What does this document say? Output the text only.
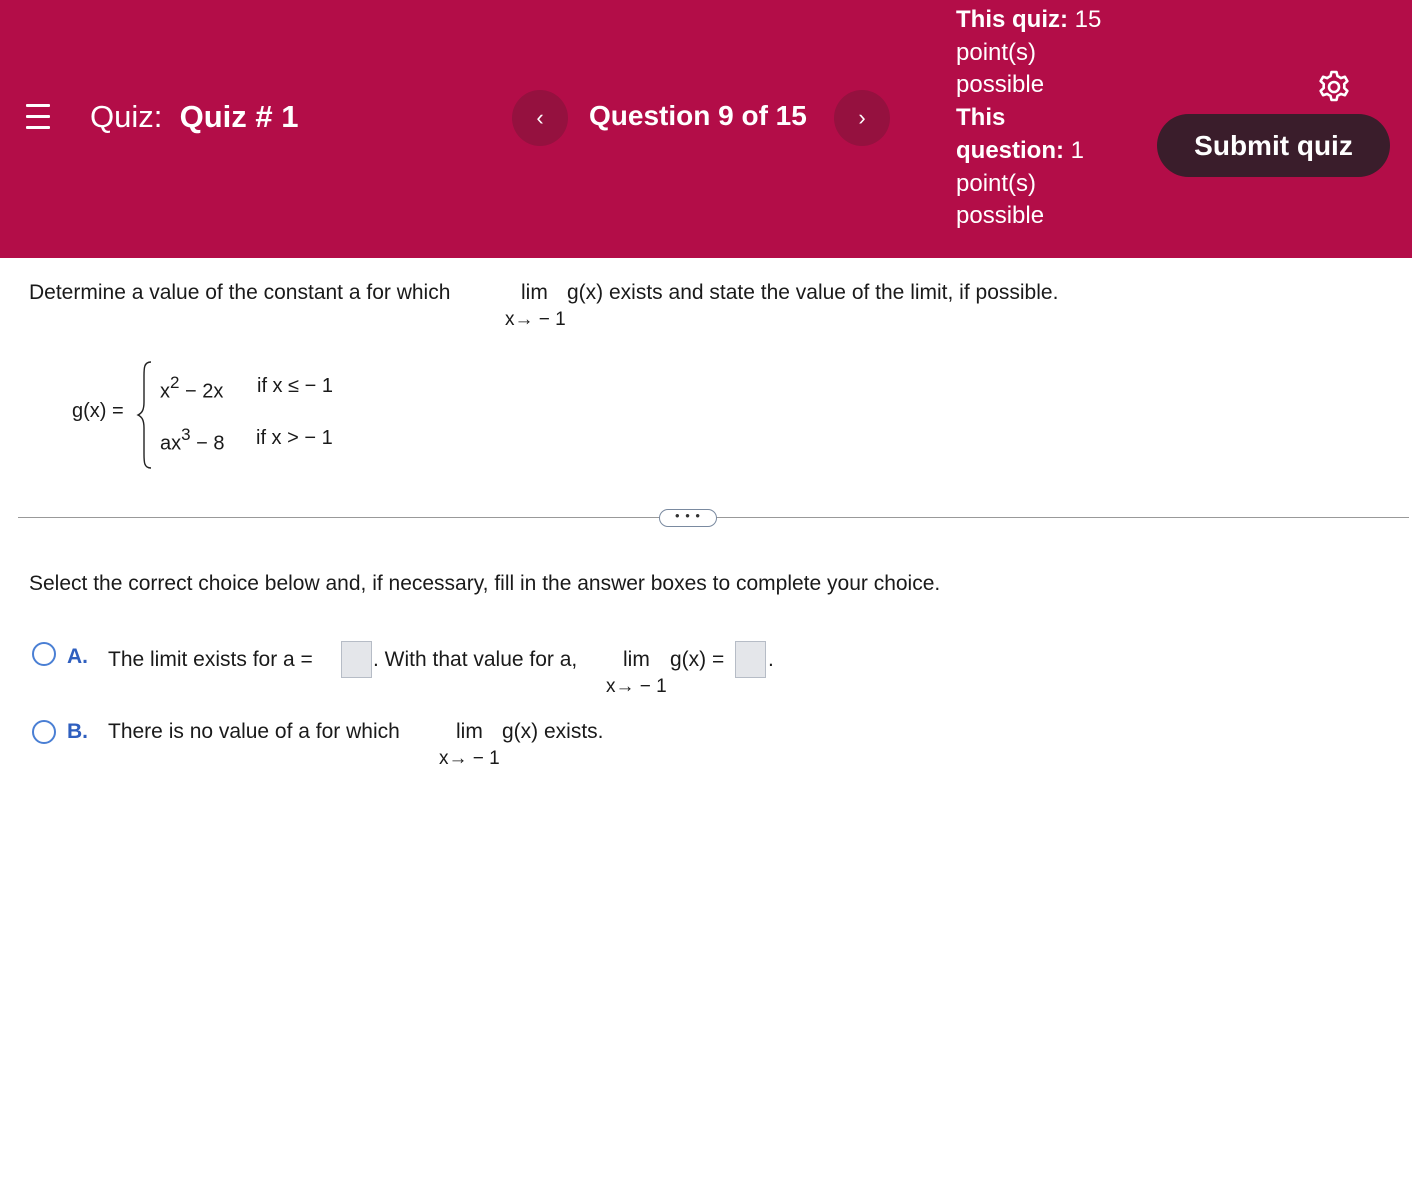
Quiz: Quiz # 1	‹	Question 9 of 15	›
This quiz: 15 point(s) possible
This question: 1 point(s) possible
Submit quiz
Determine a value of the constant a for which	lim
x→ − 1
g(x) exists and state the value of the limit, if possible.
g(x) =
$x^2 - 2x$ if x ≤ − 1
$ax^3 - 8$ if x > − 1
• • •
Select the correct choice below and, if necessary, fill in the answer boxes to complete your choice.
A. The limit exists for a =	. With that value for a, lim
x→ − 1
g(x) = .
B. There is no value of a for which	lim
x→ − 1
g(x) exists.
